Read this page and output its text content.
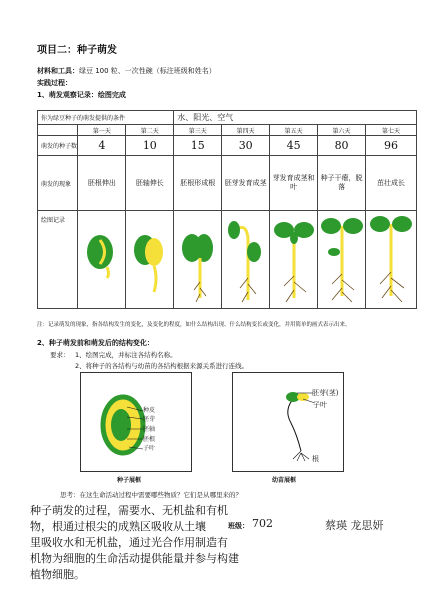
项目二：种子萌发
材料和工具：绿豆 100 粒、一次性碗（标注班级和姓名）
实践过程：
1、萌发观察记录：绘图完成
你为绿豆种子的萌发提供的条件			水、阳光、空气				
	第一天	第二天	第三天	第四天	第五天	第六天	第七天
萌发的种子数	4	10	15	30	45	80	96
萌发的现象	胚根伸出	胚轴伸长	胚根形成根	胚芽发育成茎	芽发育成茎和叶	种子干瘪，脱落	茁壮成长
绘图记录							
注：记录萌发的现象，指各结构发生的变化，及变化的程度，如什么结构出现、什么结构变长或变化，并用简单的画式表示出来。
2、种子萌发前和萌发后的结构变化：
要求： 1、绘图完成，并标注各结构名称。
2、将种子的各结构与幼苗的各结构根据来源关系进行连线。
种皮
胚芽
胚轴
胚根
子叶
种子展框
胚芽(茎)
子叶
根
幼苗展框
思考：在这生命活动过程中需要哪些物质？它们是从哪里来的？
种子萌发的过程，需要水、无机盐和有机
物，根通过根尖的成熟区吸收从土壤
里吸收水和无机盐，通过光合作用制造有
机物为细胞的生命活动提供能量并参与构建
植物细胞。
班级： 702	蔡瑛 龙思妍
